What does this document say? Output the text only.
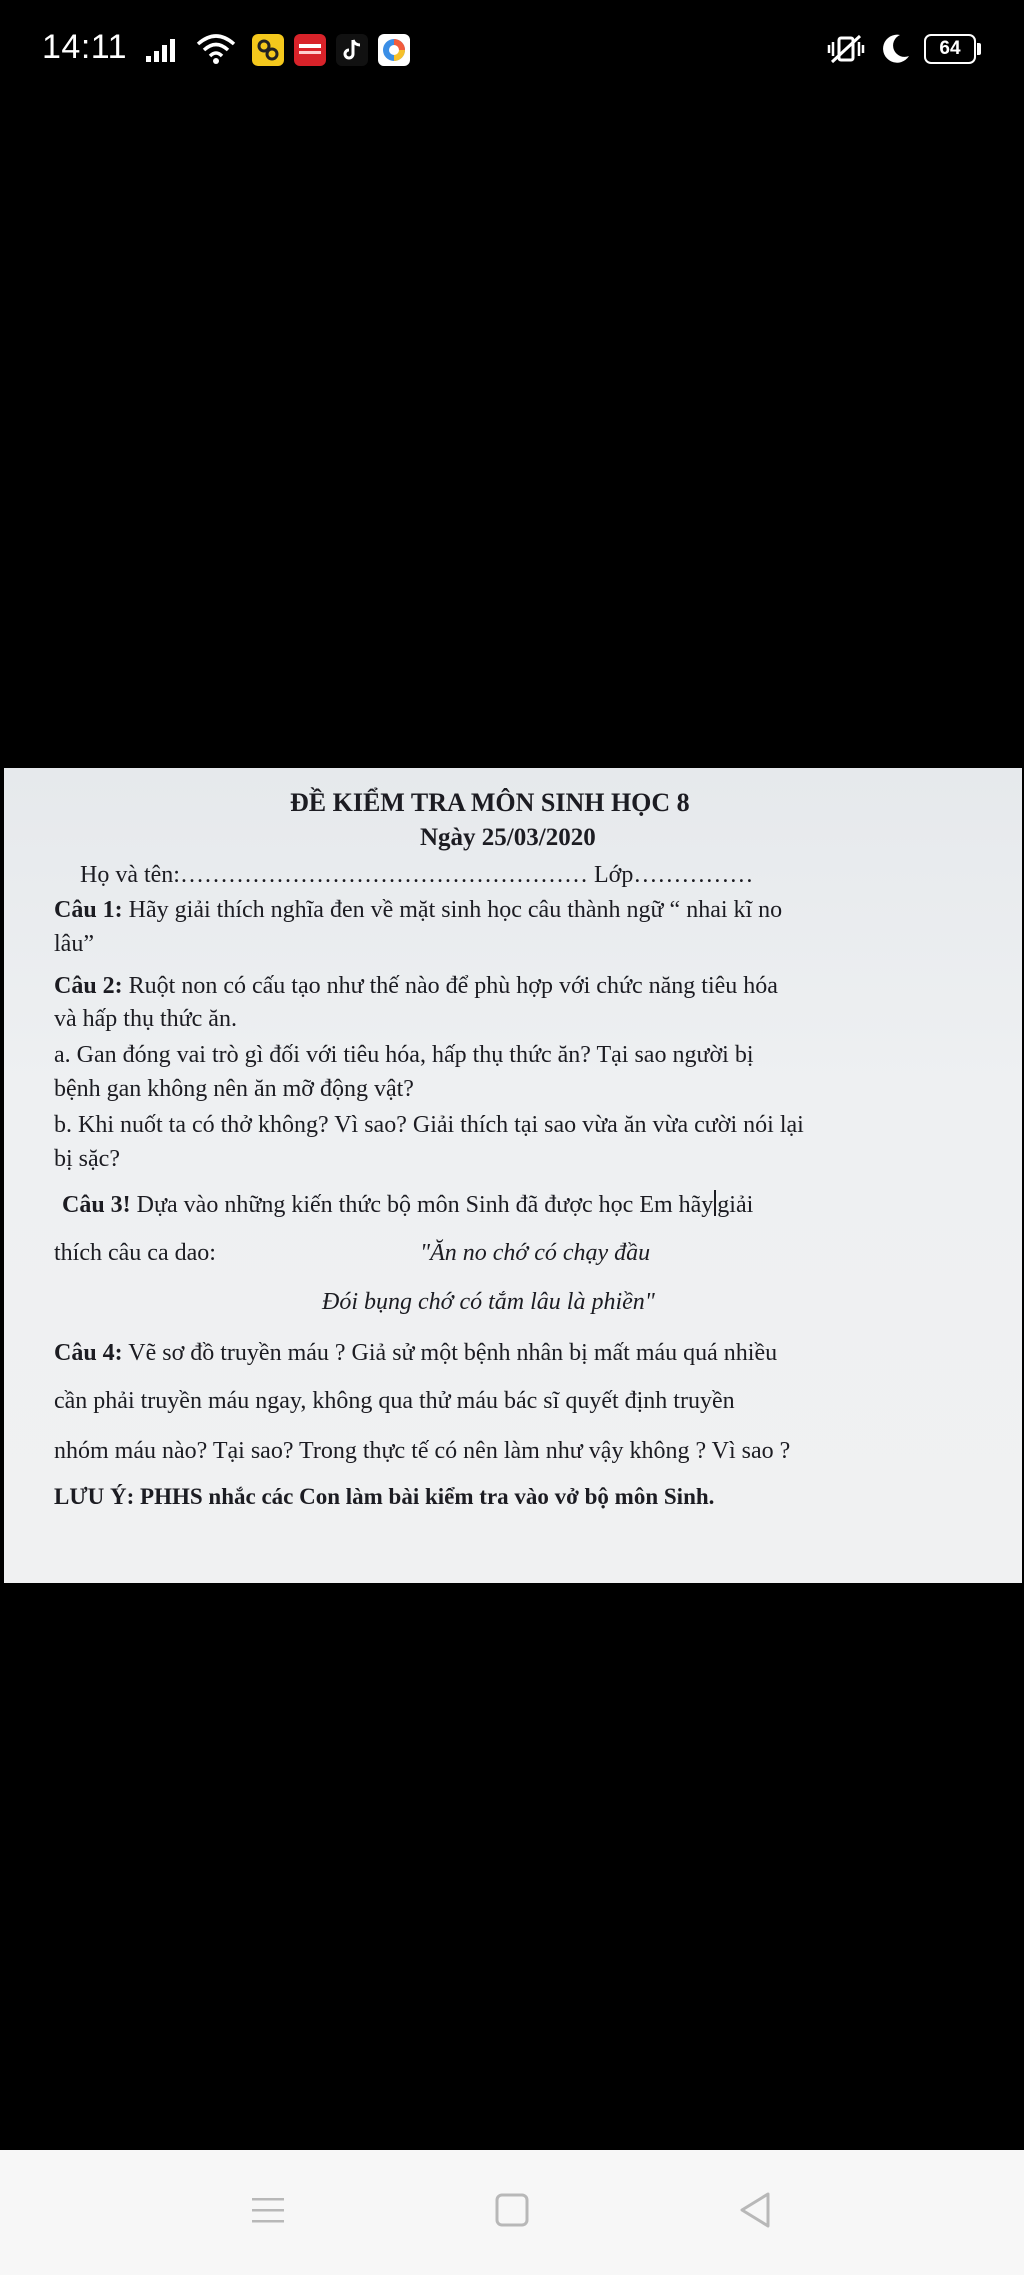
14:11	64
ĐỀ KIỂM TRA MÔN SINH HỌC 8
Ngày 25/03/2020
Họ và tên:…………………………………………… Lớp……………
Câu 1: Hãy giải thích nghĩa đen về mặt sinh học câu thành ngữ “ nhai kĩ no
lâu”
Câu 2: Ruột non có cấu tạo như thế nào để phù hợp với chức năng tiêu hóa
và hấp thụ thức ăn.
a. Gan đóng vai trò gì đối với tiêu hóa, hấp thụ thức ăn? Tại sao người bị
bệnh gan không nên ăn mỡ động vật?
b. Khi nuốt ta có thở không? Vì sao? Giải thích tại sao vừa ăn vừa cười nói lại
bị sặc?
Câu 3! Dựa vào những kiến thức bộ môn Sinh đã được học Em hãy giải
thích câu ca dao:	"Ăn no chớ có chạy đầu
Đói bụng chớ có tắm lâu là phiền"
Câu 4: Vẽ sơ đồ truyền máu ? Giả sử một bệnh nhân bị mất máu quá nhiều
cần phải truyền máu ngay, không qua thử máu bác sĩ quyết định truyền
nhóm máu nào? Tại sao? Trong thực tế có nên làm như vậy không ? Vì sao ?
LƯU Ý: PHHS nhắc các Con làm bài kiểm tra vào vở bộ môn Sinh.
